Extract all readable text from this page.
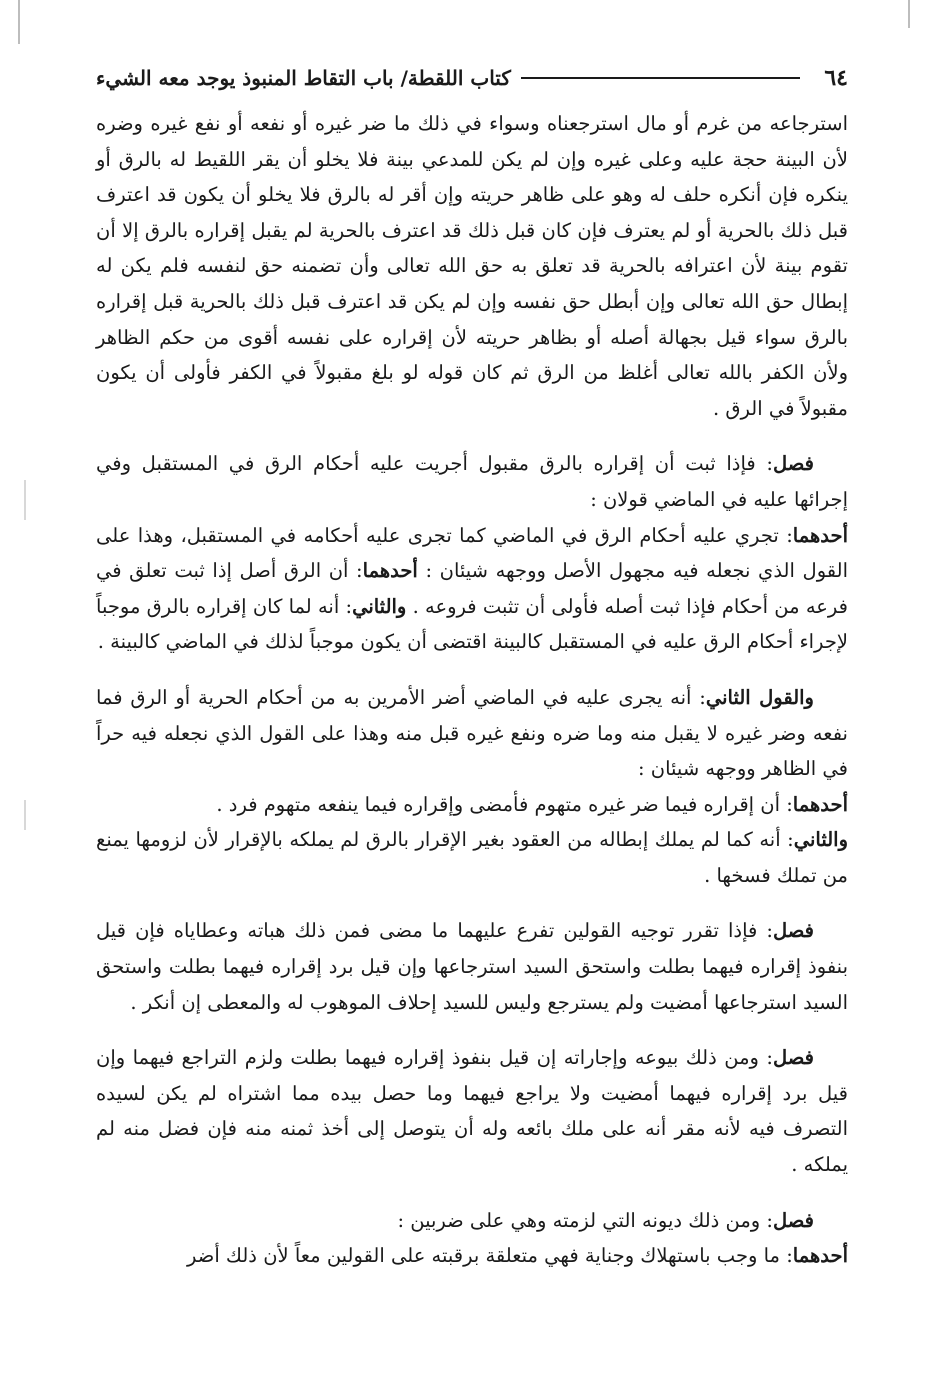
٦٤
كتاب اللقطة/ باب التقاط المنبوذ يوجد معه الشيء

استرجاعه من غرم أو مال استرجعناه وسواء في ذلك ما ضر غيره أو نفعه أو نفع غيره وضره لأن البينة حجة عليه وعلى غيره وإن لم يكن للمدعي بينة فلا يخلو أن يقر اللقيط له بالرق أو ينكره فإن أنكره حلف له وهو على ظاهر حريته وإن أقر له بالرق فلا يخلو أن يكون قد اعترف قبل ذلك بالحرية أو لم يعترف فإن كان قبل ذلك قد اعترف بالحرية لم يقبل إقراره بالرق إلا أن تقوم بينة لأن اعترافه بالحرية قد تعلق به حق الله تعالى وأن تضمنه حق لنفسه فلم يكن له إبطال حق الله تعالى وإن أبطل حق نفسه وإن لم يكن قد اعترف قبل ذلك بالحرية قبل إقراره بالرق سواء قيل بجهالة أصله أو بظاهر حريته لأن إقراره على نفسه أقوى من حكم الظاهر ولأن الكفر بالله تعالى أغلظ من الرق ثم كان قوله لو بلغ مقبولاً في الكفر فأولى أن يكون مقبولاً في الرق .

فصل: فإذا ثبت أن إقراره بالرق مقبول أجريت عليه أحكام الرق في المستقبل وفي إجرائها عليه في الماضي قولان :

أحدهما: تجري عليه أحكام الرق في الماضي كما تجرى عليه أحكامه في المستقبل، وهذا على القول الذي نجعله فيه مجهول الأصل ووجهه شيئان : أحدهما: أن الرق أصل إذا ثبت تعلق في فرعه من أحكام فإذا ثبت أصله فأولى أن تثبت فروعه . والثاني: أنه لما كان إقراره بالرق موجباً لإجراء أحكام الرق عليه في المستقبل كالبينة اقتضى أن يكون موجباً لذلك في الماضي كالبينة .

والقول الثاني: أنه يجرى عليه في الماضي أضر الأمرين به من أحكام الحرية أو الرق فما نفعه وضر غيره لا يقبل منه وما ضره ونفع غيره قبل منه وهذا على القول الذي نجعله فيه حراً في الظاهر ووجهه شيئان :

أحدهما: أن إقراره فيما ضر غيره متهوم فأمضى وإقراره فيما ينفعه متهوم فرد .

والثاني: أنه كما لم يملك إبطاله من العقود بغير الإقرار بالرق لم يملكه بالإقرار لأن لزومها يمنع من تملك فسخها .

فصل: فإذا تقرر توجيه القولين تفرع عليهما ما مضى فمن ذلك هباته وعطاياه فإن قيل بنفوذ إقراره فيهما بطلت واستحق السيد استرجاعها وإن قيل برد إقراره فيهما بطلت واستحق السيد استرجاعها أمضيت ولم يسترجع وليس للسيد إحلاف الموهوب له والمعطى إن أنكر .

فصل: ومن ذلك بيوعه وإجاراته إن قيل بنفوذ إقراره فيهما بطلت ولزم التراجع فيهما وإن قيل برد إقراره فيهما أمضيت ولا يراجع فيهما وما حصل بيده مما اشتراه لم يكن لسيده التصرف فيه لأنه مقر أنه على ملك بائعه وله أن يتوصل إلى أخذ ثمنه منه فإن فضل منه لم يملكه .

فصل: ومن ذلك ديونه التي لزمته وهي على ضربين :

أحدهما: ما وجب باستهلاك وجناية فهي متعلقة برقبته على القولين معاً لأن ذلك أضر
